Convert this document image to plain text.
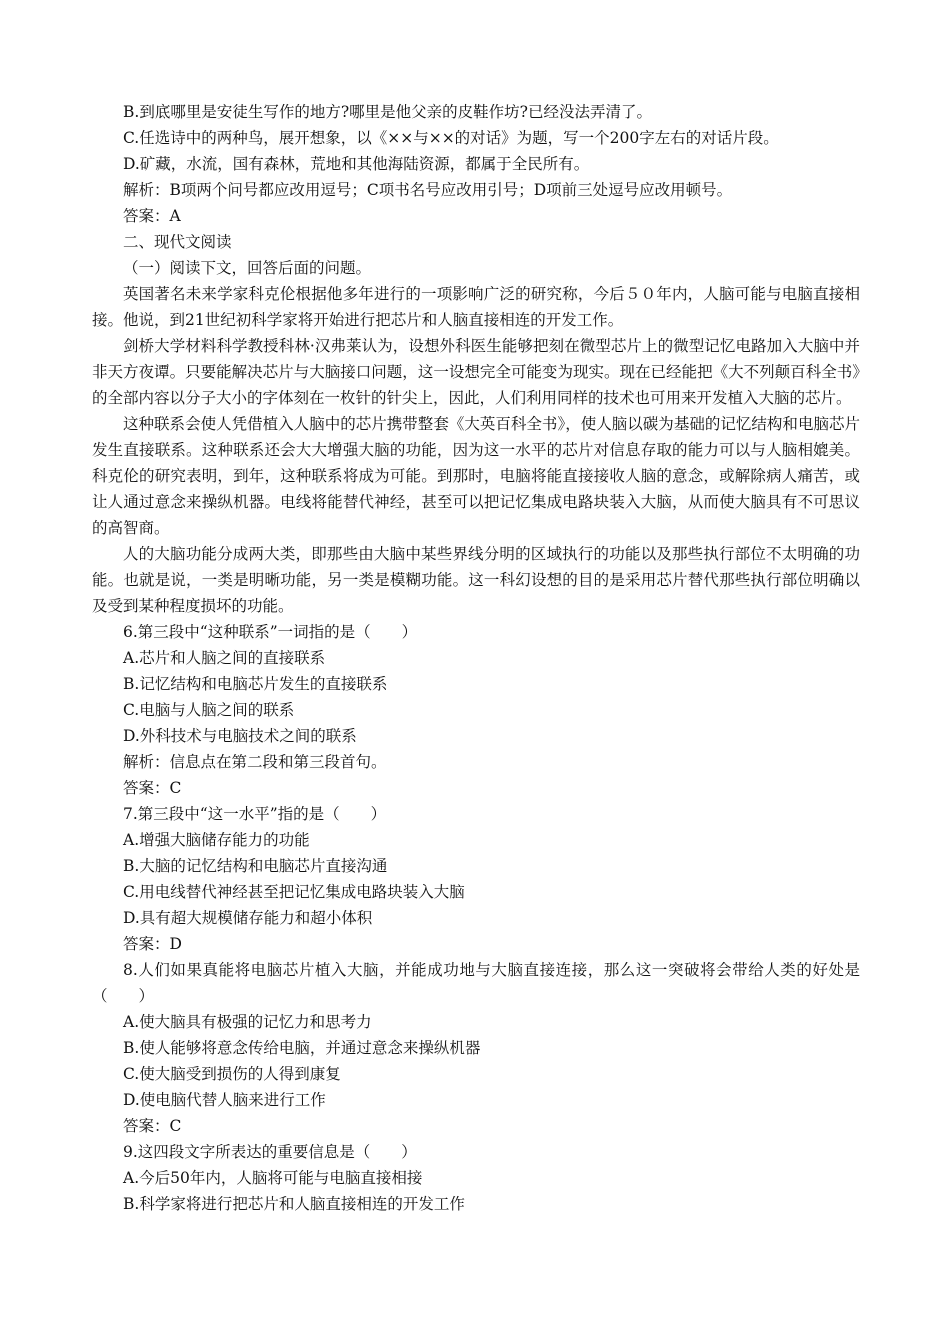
B.到底哪里是安徒生写作的地方?哪里是他父亲的皮鞋作坊?已经没法弄清了。

C.任选诗中的两种鸟，展开想象，以《××与××的对话》为题，写一个200字左右的对话片段。

D.矿藏，水流，国有森林，荒地和其他海陆资源，都属于全民所有。

解析：B项两个问号都应改用逗号；C项书名号应改用引号；D项前三处逗号应改用顿号。

答案：A

二、现代文阅读

（一）阅读下文，回答后面的问题。

英国著名未来学家科克伦根据他多年进行的一项影响广泛的研究称，今后５０年内，人脑可能与电脑直接相接。他说，到21世纪初科学家将开始进行把芯片和人脑直接相连的开发工作。

剑桥大学材料科学教授科林·汉弗莱认为，设想外科医生能够把刻在微型芯片上的微型记忆电路加入大脑中并非天方夜谭。只要能解决芯片与大脑接口问题，这一设想完全可能变为现实。现在已经能把《大不列颠百科全书》的全部内容以分子大小的字体刻在一枚针的针尖上，因此，人们利用同样的技术也可用来开发植入大脑的芯片。

这种联系会使人凭借植入人脑中的芯片携带整套《大英百科全书》，使人脑以碳为基础的记忆结构和电脑芯片发生直接联系。这种联系还会大大增强大脑的功能，因为这一水平的芯片对信息存取的能力可以与人脑相媲美。科克伦的研究表明，到年，这种联系将成为可能。到那时，电脑将能直接接收人脑的意念，或解除病人痛苦，或让人通过意念来操纵机器。电线将能替代神经，甚至可以把记忆集成电路块装入大脑，从而使大脑具有不可思议的高智商。

人的大脑功能分成两大类，即那些由大脑中某些界线分明的区域执行的功能以及那些执行部位不太明确的功能。也就是说，一类是明晰功能，另一类是模糊功能。这一科幻设想的目的是采用芯片替代那些执行部位明确以及受到某种程度损坏的功能。

6.第三段中“这种联系”一词指的是（　　）

A.芯片和人脑之间的直接联系

B.记忆结构和电脑芯片发生的直接联系

C.电脑与人脑之间的联系

D.外科技术与电脑技术之间的联系

解析：信息点在第二段和第三段首句。

答案：C

7.第三段中“这一水平”指的是（　　）

A.增强大脑储存能力的功能

B.大脑的记忆结构和电脑芯片直接沟通

C.用电线替代神经甚至把记忆集成电路块装入大脑

D.具有超大规模储存能力和超小体积

答案：D

8.人们如果真能将电脑芯片植入大脑，并能成功地与大脑直接连接，那么这一突破将会带给人类的好处是（　　）

A.使大脑具有极强的记忆力和思考力

B.使人能够将意念传给电脑，并通过意念来操纵机器

C.使大脑受到损伤的人得到康复

D.使电脑代替人脑来进行工作

答案：C

9.这四段文字所表达的重要信息是（　　）

A.今后50年内，人脑将可能与电脑直接相接

B.科学家将进行把芯片和人脑直接相连的开发工作
